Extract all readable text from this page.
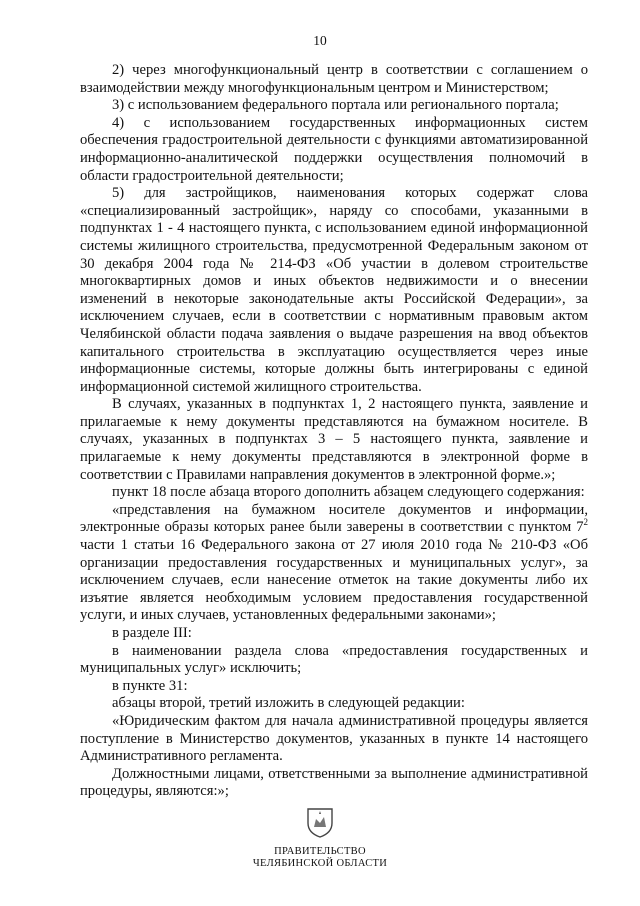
10

2) через многофункциональный центр в соответствии с соглашением о взаимодействии между многофункциональным центром и Министерством;

3) с использованием федерального портала или регионального портала;

4) с использованием государственных информационных систем обеспечения градостроительной деятельности с функциями автоматизированной информационно-аналитической поддержки осуществления полномочий в области градостроительной деятельности;

5) для застройщиков, наименования которых содержат слова «специализированный застройщик», наряду со способами, указанными в подпунктах 1 - 4 настоящего пункта, с использованием единой информационной системы жилищного строительства, предусмотренной Федеральным законом от 30 декабря 2004 года № 214-ФЗ «Об участии в долевом строительстве многоквартирных домов и иных объектов недвижимости и о внесении изменений в некоторые законодательные акты Российской Федерации», за исключением случаев, если в соответствии с нормативным правовым актом Челябинской области подача заявления о выдаче разрешения на ввод объектов капитального строительства в эксплуатацию осуществляется через иные информационные системы, которые должны быть интегрированы с единой информационной системой жилищного строительства.

В случаях, указанных в подпунктах 1, 2 настоящего пункта, заявление и прилагаемые к нему документы представляются на бумажном носителе. В случаях, указанных в подпунктах 3 – 5 настоящего пункта, заявление и прилагаемые к нему документы представляются в электронной форме в соответствии с Правилами направления документов в электронной форме.»;

пункт 18 после абзаца второго дополнить абзацем следующего содержания:

«представления на бумажном носителе документов и информации, электронные образы которых ранее были заверены в соответствии с пунктом $7^2$ части 1 статьи 16 Федерального закона от 27 июля 2010 года № 210-ФЗ «Об организации предоставления государственных и муниципальных услуг», за исключением случаев, если нанесение отметок на такие документы либо их изъятие является необходимым условием предоставления государственной услуги, и иных случаев, установленных федеральными законами»;

в разделе III:

в наименовании раздела слова «предоставления государственных и муниципальных услуг» исключить;

в пункте 31:

абзацы второй, третий изложить в следующей редакции:

«Юридическим фактом для начала административной процедуры является поступление в Министерство документов, указанных в пункте 14 настоящего Административного регламента.

Должностными лицами, ответственными за выполнение административной процедуры, являются:»;

ПРАВИТЕЛЬСТВО
ЧЕЛЯБИНСКОЙ ОБЛАСТИ
